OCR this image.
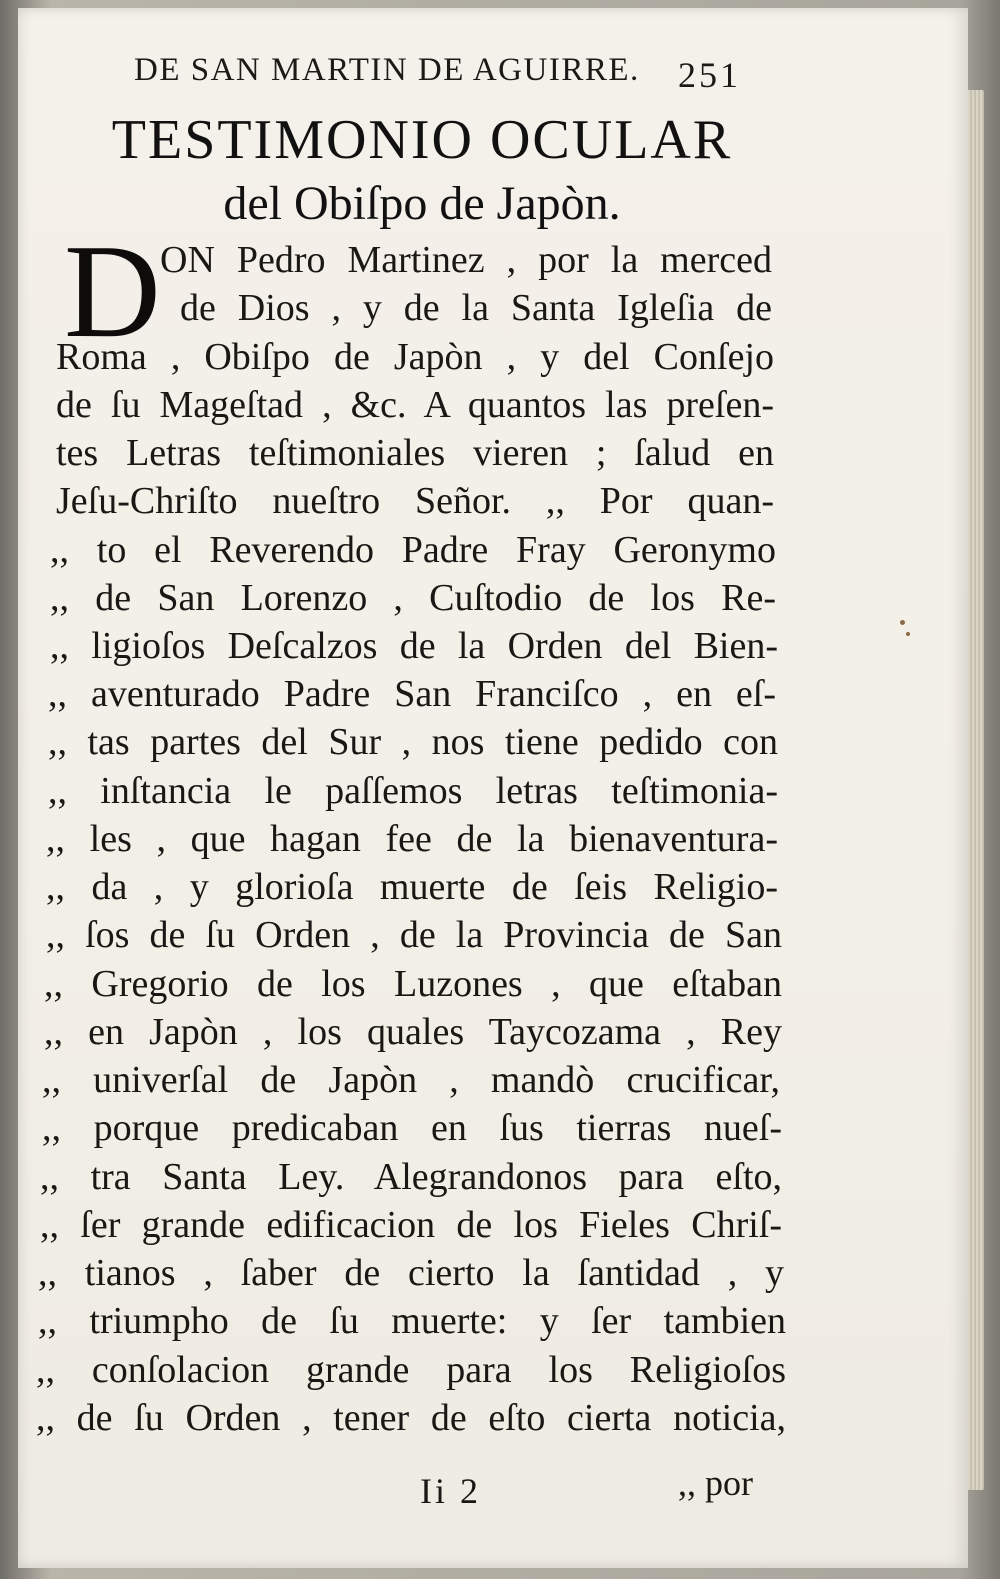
DE SAN MARTIN DE AGUIRRE. 251
TESTIMONIO OCULAR
del Obiſpo de Japòn.
D ON Pedro Martinez , por la merced
de Dios , y de la Santa Igleſia de
Roma , Obiſpo de Japòn , y del Conſejo
de ſu Mageſtad , &c. A quantos las preſen-
tes Letras teſtimoniales vieren ; ſalud en
Jeſu-Chriſto nueſtro Señor. ,, Por quan-
,, to el Reverendo Padre Fray Geronymo
,, de San Lorenzo , Cuſtodio de los Re-
,, ligioſos Deſcalzos de la Orden del Bien-
,, aventurado Padre San Franciſco , en eſ-
,, tas partes del Sur , nos tiene pedido con
,, inſtancia le paſſemos letras teſtimonia-
,, les , que hagan fee de la bienaventura-
,, da , y glorioſa muerte de ſeis Religio-
,, ſos de ſu Orden , de la Provincia de San
,, Gregorio de los Luzones , que eſtaban
,, en Japòn , los quales Taycozama , Rey
,, univerſal de Japòn , mandò crucificar,
,, porque predicaban en ſus tierras nueſ-
,, tra Santa Ley. Alegrandonos para eſto,
,, ſer grande edificacion de los Fieles Chriſ-
,, tianos , ſaber de cierto la ſantidad , y
,, triumpho de ſu muerte: y ſer tambien
,, conſolacion grande para los Religioſos
,, de ſu Orden , tener de eſto cierta noticia,
Ii 2	,, por
